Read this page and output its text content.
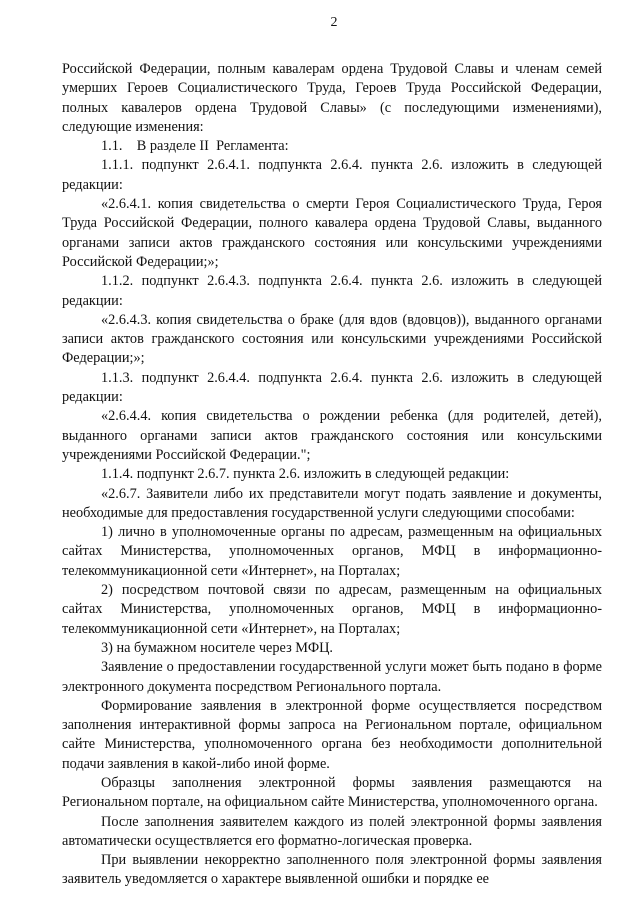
2

Российской Федерации, полным кавалерам ордена Трудовой Славы и членам семей умерших Героев Социалистического Труда, Героев Труда Российской Федерации, полных кавалеров ордена Трудовой Славы» (с последующими изменениями), следующие изменения:

1.1.    В разделе II  Регламента:

1.1.1. подпункт 2.6.4.1. подпункта 2.6.4. пункта 2.6. изложить в следующей редакции:

«2.6.4.1. копия свидетельства о смерти Героя Социалистического Труда, Героя Труда Российской Федерации, полного кавалера ордена Трудовой Славы, выданного органами записи актов гражданского состояния или консульскими учреждениями Российской Федерации;»;

1.1.2. подпункт 2.6.4.3. подпункта 2.6.4. пункта 2.6. изложить в следующей редакции:

«2.6.4.3. копия свидетельства о браке (для вдов (вдовцов)), выданного органами записи актов гражданского состояния или консульскими учреждениями Российской Федерации;»;

1.1.3. подпункт 2.6.4.4. подпункта 2.6.4. пункта 2.6. изложить в следующей редакции:

«2.6.4.4. копия свидетельства о рождении ребенка (для родителей, детей), выданного органами записи актов гражданского состояния или консульскими учреждениями Российской Федерации.";

1.1.4. подпункт 2.6.7. пункта 2.6. изложить в следующей редакции:

«2.6.7. Заявители либо их представители могут подать заявление и документы, необходимые для предоставления государственной услуги следующими способами:

1) лично в уполномоченные органы по адресам, размещенным на официальных сайтах Министерства, уполномоченных органов, МФЦ в информационно-телекоммуникационной сети «Интернет», на Порталах;

2) посредством почтовой связи по адресам, размещенным на официальных сайтах Министерства, уполномоченных органов, МФЦ в информационно-телекоммуникационной сети «Интернет», на Порталах;

3) на бумажном носителе через МФЦ.

Заявление о предоставлении государственной услуги может быть подано в форме электронного документа посредством Регионального портала.

Формирование заявления в электронной форме осуществляется посредством заполнения интерактивной формы запроса на Региональном портале, официальном сайте Министерства, уполномоченного органа без необходимости дополнительной подачи заявления в какой-либо иной форме.

Образцы заполнения электронной формы заявления размещаются на Региональном портале, на официальном сайте Министерства, уполномоченного органа.

После заполнения заявителем каждого из полей электронной формы заявления автоматически осуществляется его форматно-логическая проверка.

При выявлении некорректно заполненного поля электронной формы заявления заявитель уведомляется о характере выявленной ошибки и порядке ее
